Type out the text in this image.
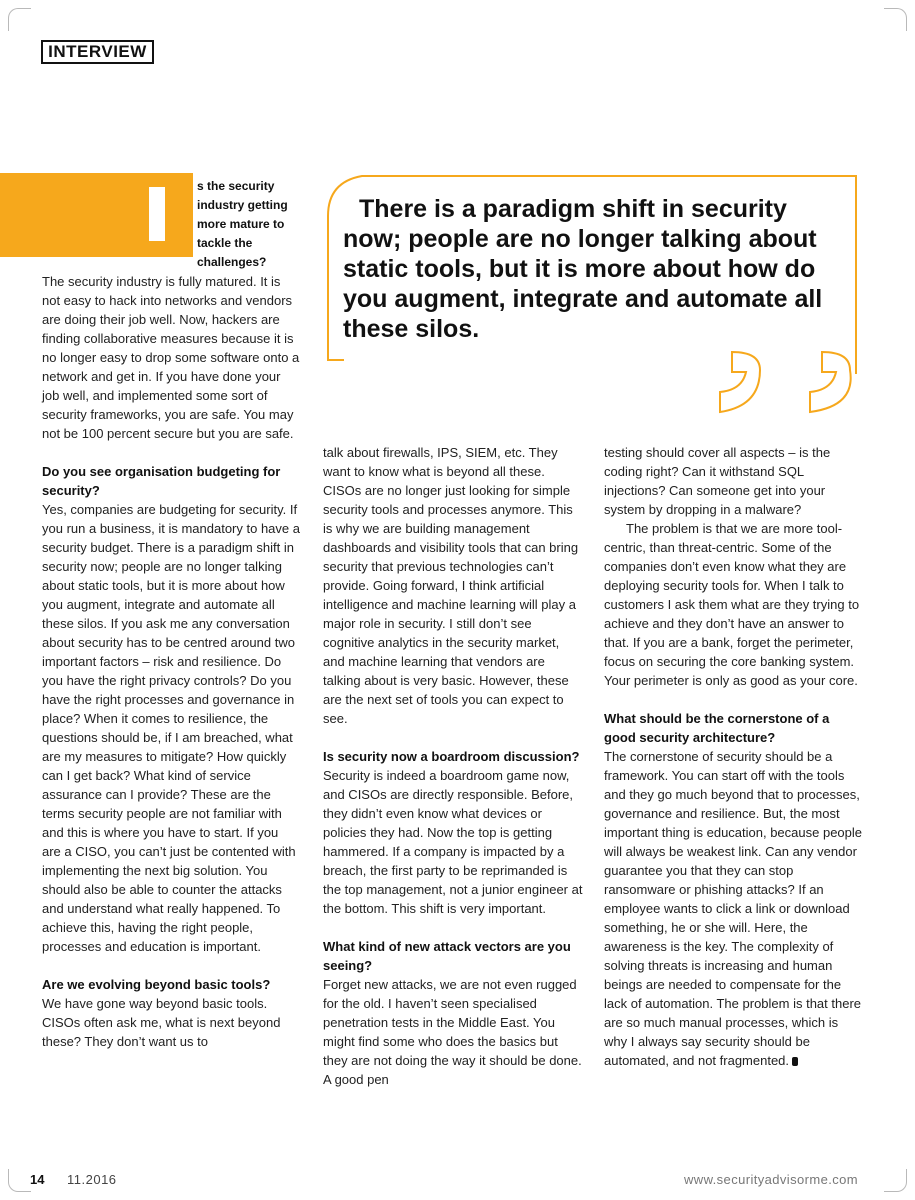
INTERVIEW
s the security industry getting more mature to tackle the challenges?
There is a paradigm shift in security now; people are no longer talking about static tools, but it is more about how do you augment, integrate and automate all these silos.

The security industry is fully matured. It is not easy to hack into networks and vendors are doing their job well. Now, hackers are finding collaborative measures because it is no longer easy to drop some software onto a network and get in. If you have done your job well, and implemented some sort of security frameworks, you are safe. You may not be 100 percent secure but you are safe.

Do you see organisation budgeting for security?

Yes, companies are budgeting for security. If you run a business, it is mandatory to have a security budget. There is a paradigm shift in security now; people are no longer talking about static tools, but it is more about how you augment, integrate and automate all these silos. If you ask me any conversation about security has to be centred around two important factors – risk and resilience. Do you have the right privacy controls? Do you have the right processes and governance in place? When it comes to resilience, the questions should be, if I am breached, what are my measures to mitigate? How quickly can I get back? What kind of service assurance can I provide? These are the terms security people are not familiar with and this is where you have to start. If you are a CISO, you can’t just be contented with implementing the next big solution. You should also be able to counter the attacks and understand what really happened. To achieve this, having the right people, processes and education is important.

Are we evolving beyond basic tools?

We have gone way beyond basic tools. CISOs often ask me, what is next beyond these? They don’t want us to

talk about firewalls, IPS, SIEM, etc. They want to know what is beyond all these. CISOs are no longer just looking for simple security tools and processes anymore. This is why we are building management dashboards and visibility tools that can bring security that previous technologies can’t provide. Going forward, I think artificial intelligence and machine learning will play a major role in security. I still don’t see cognitive analytics in the security market, and machine learning that vendors are talking about is very basic. However, these are the next set of tools you can expect to see.

Is security now a boardroom discussion?

Security is indeed a boardroom game now, and CISOs are directly responsible. Before, they didn’t even know what devices or policies they had. Now the top is getting hammered. If a company is impacted by a breach, the first party to be reprimanded is the top management, not a junior engineer at the bottom. This shift is very important.

What kind of new attack vectors are you seeing?

Forget new attacks, we are not even rugged for the old. I haven’t seen specialised penetration tests in the Middle East. You might find some who does the basics but they are not doing the way it should be done. A good pen

testing should cover all aspects – is the coding right? Can it withstand SQL injections? Can someone get into your system by dropping in a malware?

The problem is that we are more tool-centric, than threat-centric. Some of the companies don’t even know what they are deploying security tools for. When I talk to customers I ask them what are they trying to achieve and they don’t have an answer to that. If you are a bank, forget the perimeter, focus on securing the core banking system. Your perimeter is only as good as your core.

What should be the cornerstone of a good security architecture?

The cornerstone of security should be a framework. You can start off with the tools and they go much beyond that to processes, governance and resilience. But, the most important thing is education, because people will always be weakest link. Can any vendor guarantee you that they can stop ransomware or phishing attacks? If an employee wants to click a link or download something, he or she will. Here, the awareness is the key. The complexity of solving threats is increasing and human beings are needed to compensate for the lack of automation. The problem is that there are so much manual processes, which is why I always say security should be automated, and not fragmented.

14 11.2016	www.securityadvisorme.com
